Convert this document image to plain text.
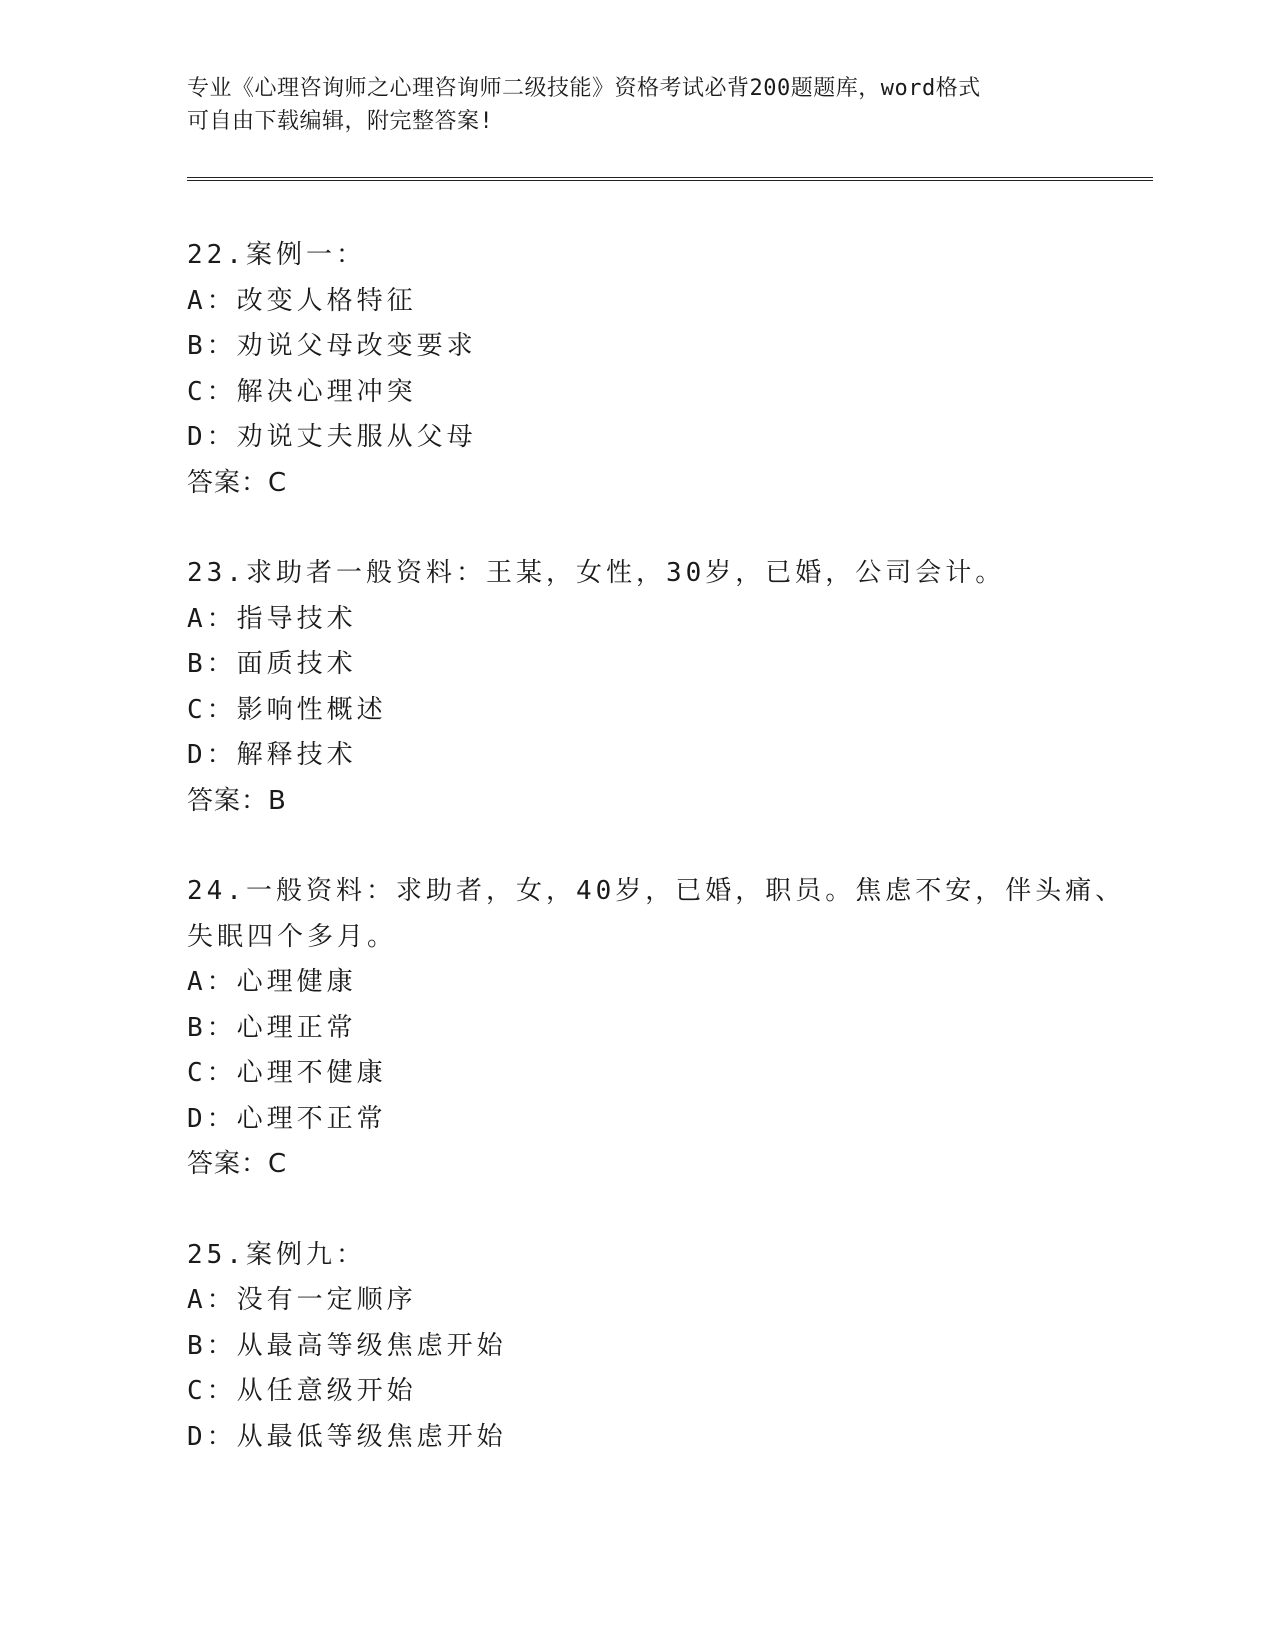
专业《心理咨询师之心理咨询师二级技能》资格考试必背200题题库，word格式
可自由下载编辑，附完整答案!
22.案例一：
A：改变人格特征
B：劝说父母改变要求
C：解决心理冲突
D：劝说丈夫服从父母
答案：C
23.求助者一般资料：王某，女性，30岁，已婚，公司会计。
A：指导技术
B：面质技术
C：影响性概述
D：解释技术
答案：B
24.一般资料：求助者，女，40岁，已婚，职员。焦虑不安，伴头痛、失眠四个多月。
A：心理健康
B：心理正常
C：心理不健康
D：心理不正常
答案：C
25.案例九：
A：没有一定顺序
B：从最高等级焦虑开始
C：从任意级开始
D：从最低等级焦虑开始
